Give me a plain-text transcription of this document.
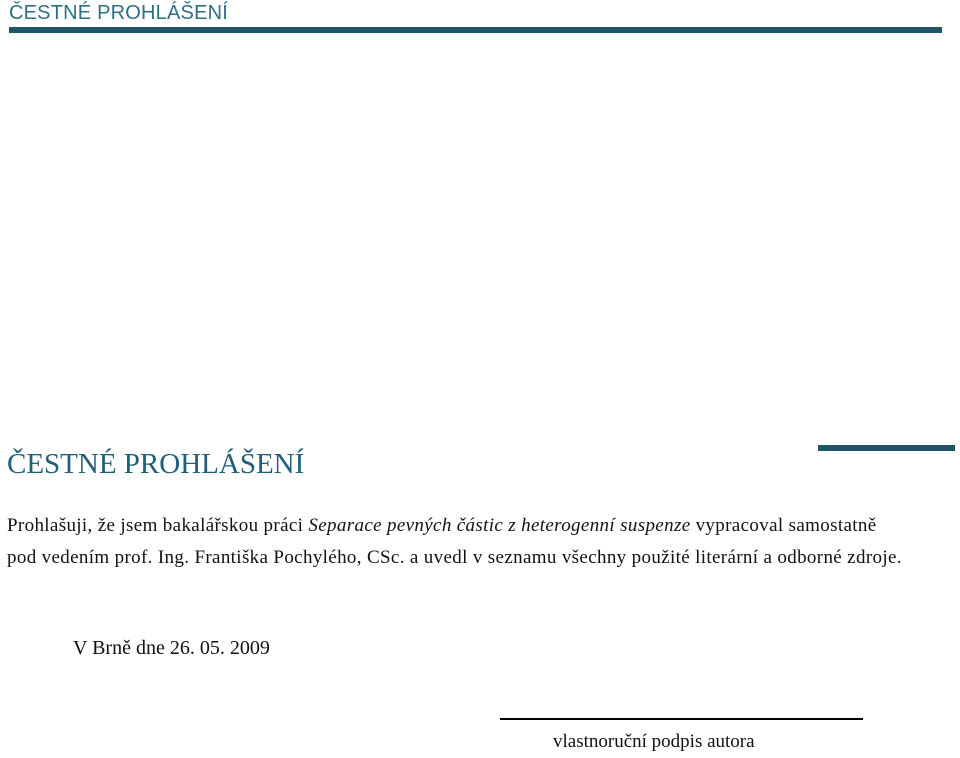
ČESTNÉ PROHLÁŠENÍ
ČESTNÉ PROHLÁŠENÍ

Prohlašuji, že jsem bakalářskou práci Separace pevných částic z heterogenní suspenze vypracoval samostatně pod vedením prof. Ing. Františka Pochylého, CSc. a uvedl v seznamu všechny použité literární a odborné zdroje.

V Brně dne 26. 05. 2009
vlastnoruční podpis autora
